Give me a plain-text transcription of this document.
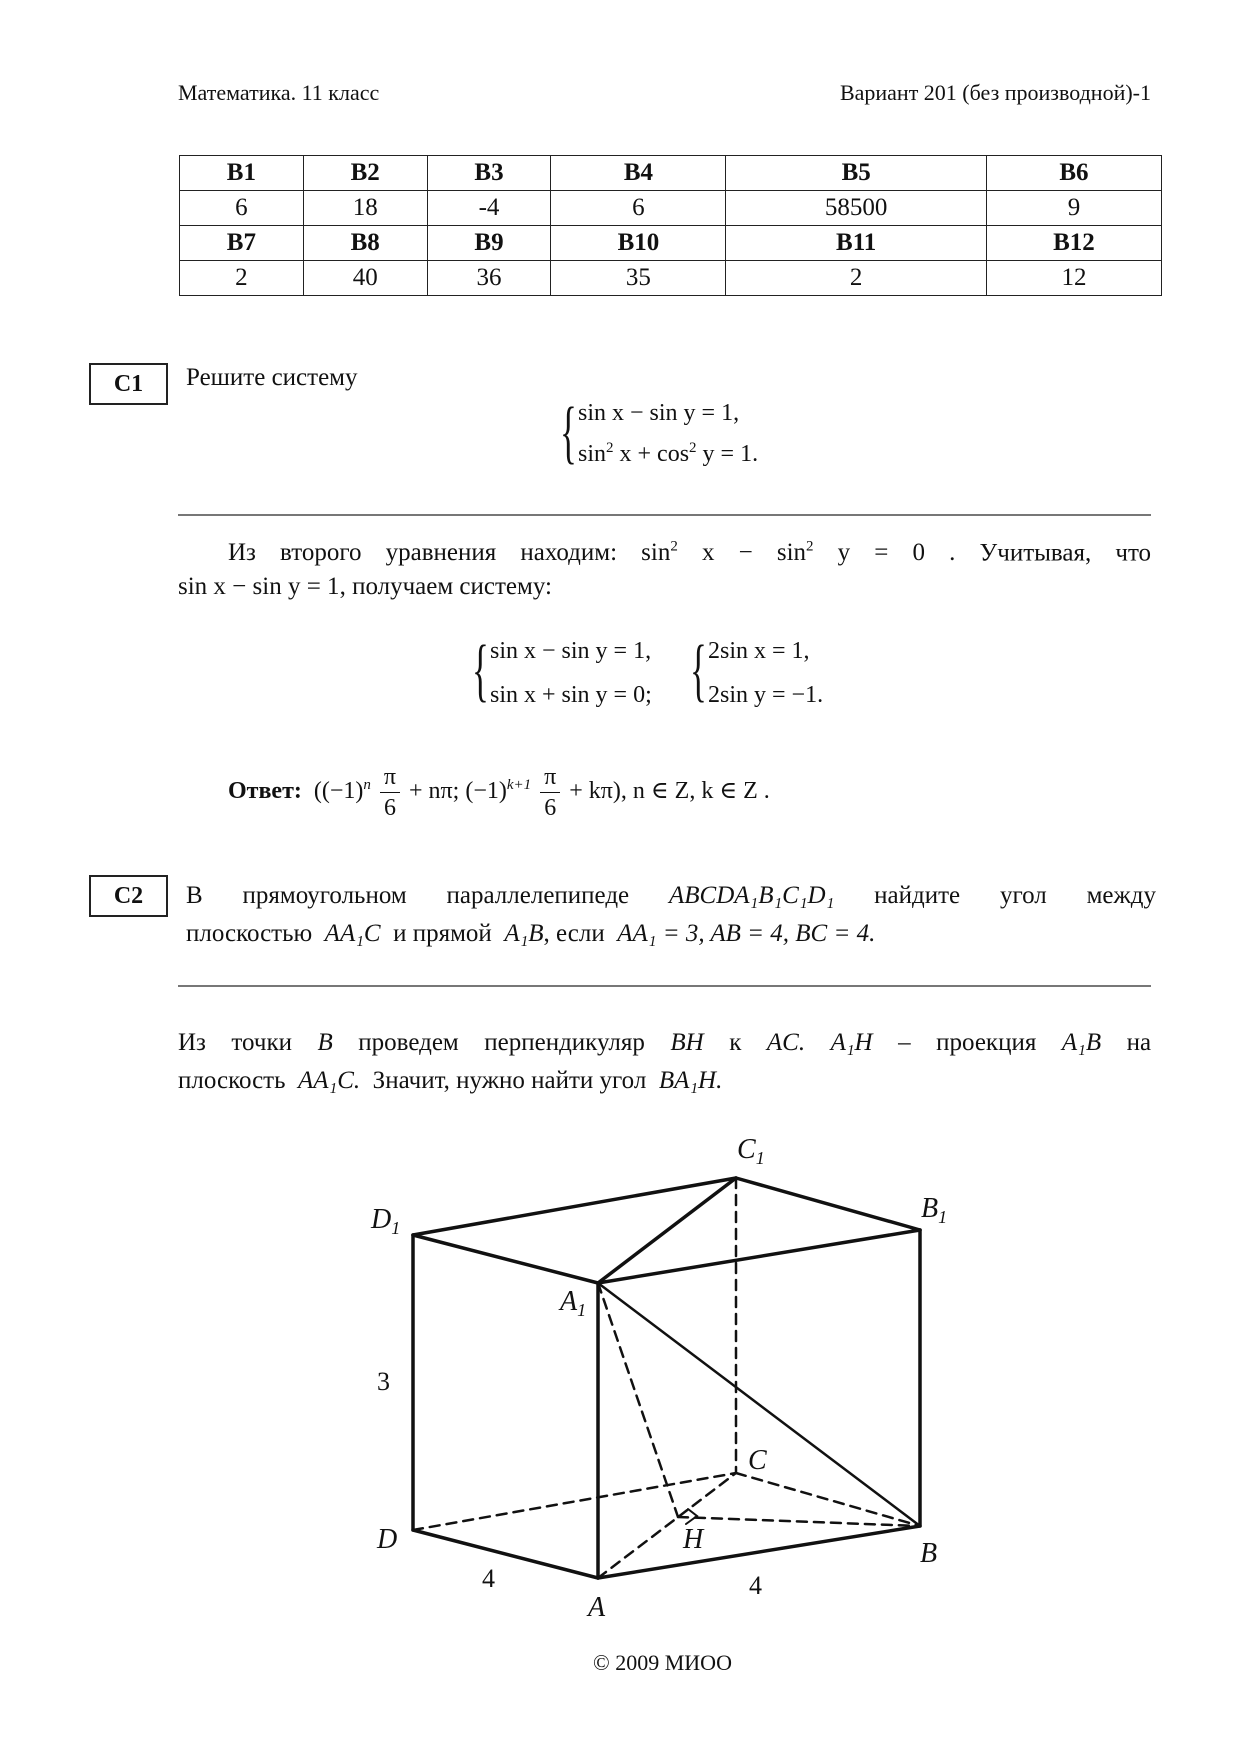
Математика. 11 класс	Вариант 201 (без производной)-1
B1	B2	B3	B4	B5	B6
6	18	-4	6	58500	9
B7	B8	B9	B10	B11	B12
2	40	36	35	2	12
С1	Решите систему
{ sin x − sin y = 1,
$\sin^2 x + \cos^2 y = 1$.
Из второго уравнения находим: $\sin^2 x - \sin^2 y = 0$ . Учитывая, что
sin x − sin y = 1, получаем систему:
{ sin x − sin y = 1,
sin x + sin y = 0; { 2sin x = 1,
2sin y = −1.
Ответ: ($(-1)^n \frac{\pi}{6} + n\pi$; $(-1)^{k+1} \frac{\pi}{6} + k\pi$), n ∈ Z, k ∈ Z .
С2	В прямоугольном параллелепипеде ABCDA₁B₁C₁D₁ найдите угол между
плоскостью AA₁C и прямой A₁B, если AA₁ = 3, AB = 4, BC = 4.
Из точки B проведем перпендикуляр BH к AC. A₁H – проекция A₁B на
плоскость AA₁C. Значит, нужно найти угол BA₁H.
$C_1$
$B_1$
$D_1$
$A_1$
C
D	H	B
A
3
4	4
© 2009 МИОО
